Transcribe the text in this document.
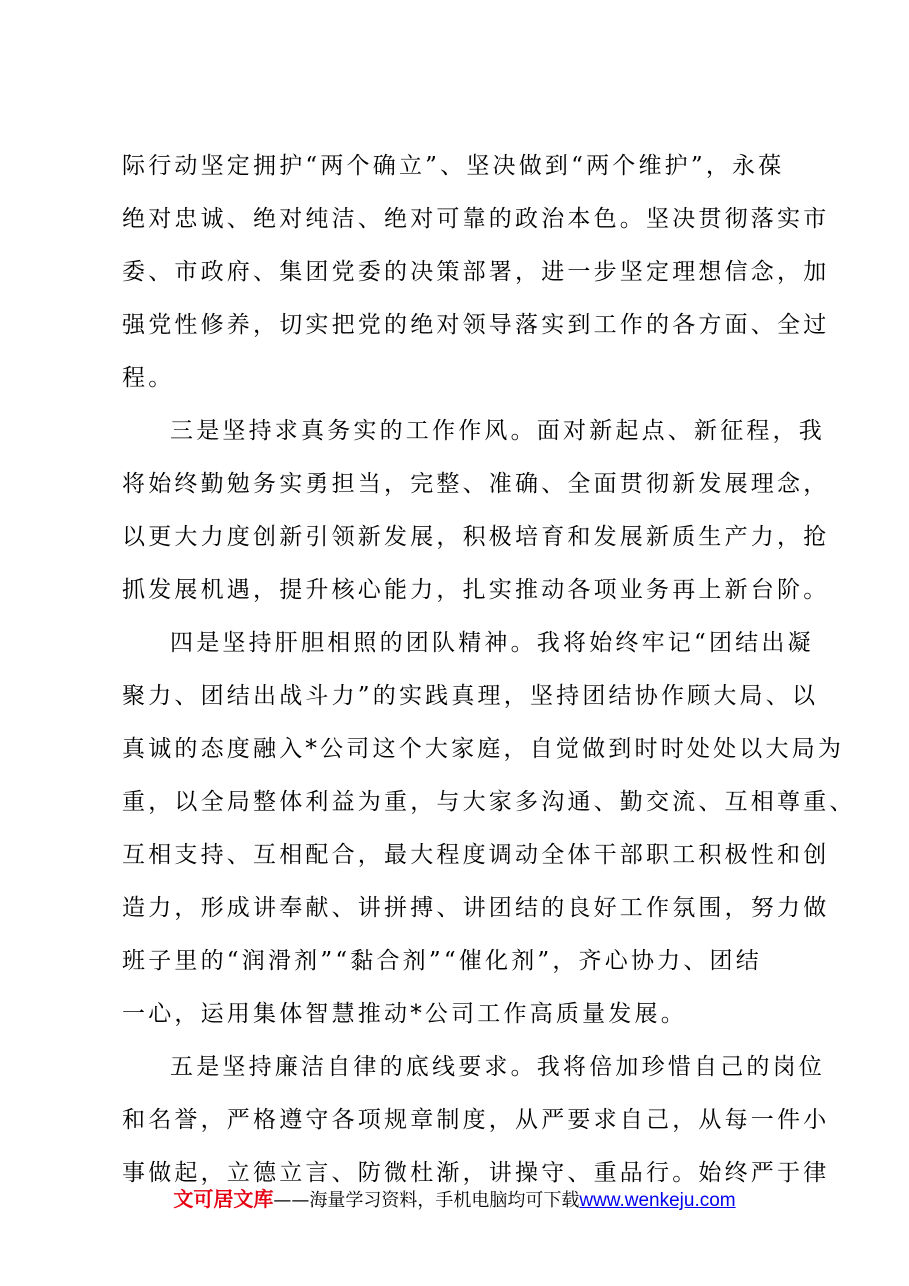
际行动坚定拥护“两个确立”、坚决做到“两个维护”，永葆
绝对忠诚、绝对纯洁、绝对可靠的政治本色。坚决贯彻落实市
委、市政府、集团党委的决策部署，进一步坚定理想信念，加
强党性修养，切实把党的绝对领导落实到工作的各方面、全过
程。
三是坚持求真务实的工作作风。面对新起点、新征程，我
将始终勤勉务实勇担当，完整、准确、全面贯彻新发展理念，
以更大力度创新引领新发展，积极培育和发展新质生产力，抢
抓发展机遇，提升核心能力，扎实推动各项业务再上新台阶。
四是坚持肝胆相照的团队精神。我将始终牢记“团结出凝
聚力、团结出战斗力”的实践真理，坚持团结协作顾大局、以
真诚的态度融入*公司这个大家庭，自觉做到时时处处以大局为
重，以全局整体利益为重，与大家多沟通、勤交流、互相尊重、
互相支持、互相配合，最大程度调动全体干部职工积极性和创
造力，形成讲奉献、讲拼搏、讲团结的良好工作氛围，努力做
班子里的“润滑剂”“黏合剂”“催化剂”，齐心协力、团结
一心，运用集体智慧推动*公司工作高质量发展。
五是坚持廉洁自律的底线要求。我将倍加珍惜自己的岗位
和名誉，严格遵守各项规章制度，从严要求自己，从每一件小
事做起，立德立言、防微杜渐，讲操守、重品行。始终严于律
文可居文库——海量学习资料，手机电脑均可下载www.wenkeju.com
